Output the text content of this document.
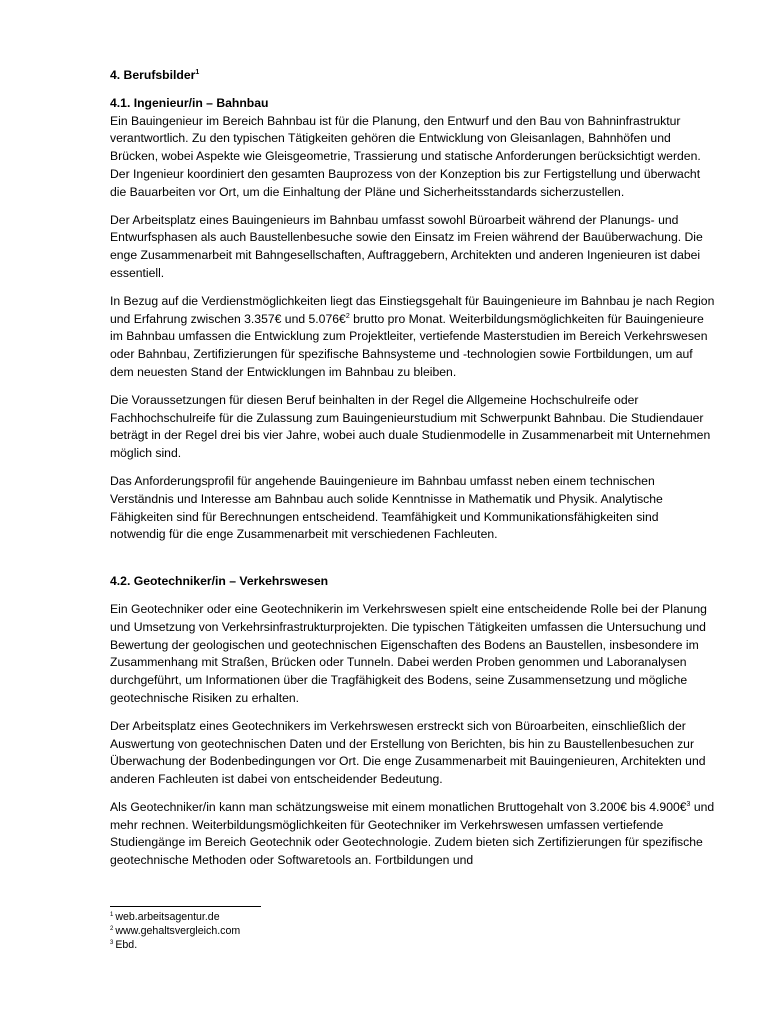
4. Berufsbilder$^1$
4.1. Ingenieur/in – Bahnbau

Ein Bauingenieur im Bereich Bahnbau ist für die Planung, den Entwurf und den Bau von Bahninfrastruktur verantwortlich. Zu den typischen Tätigkeiten gehören die Entwicklung von Gleisanlagen, Bahnhöfen und Brücken, wobei Aspekte wie Gleisgeometrie, Trassierung und statische Anforderungen berücksichtigt werden. Der Ingenieur koordiniert den gesamten Bauprozess von der Konzeption bis zur Fertigstellung und überwacht die Bauarbeiten vor Ort, um die Einhaltung der Pläne und Sicherheitsstandards sicherzustellen.

Der Arbeitsplatz eines Bauingenieurs im Bahnbau umfasst sowohl Büroarbeit während der Planungs- und Entwurfsphasen als auch Baustellenbesuche sowie den Einsatz im Freien während der Bauüberwachung. Die enge Zusammenarbeit mit Bahngesellschaften, Auftraggebern, Architekten und anderen Ingenieuren ist dabei essentiell.

In Bezug auf die Verdienstmöglichkeiten liegt das Einstiegsgehalt für Bauingenieure im Bahnbau je nach Region und Erfahrung zwischen 3.357€ und 5.076€$^2$ brutto pro Monat. Weiterbildungsmöglichkeiten für Bauingenieure im Bahnbau umfassen die Entwicklung zum Projektleiter, vertiefende Masterstudien im Bereich Verkehrswesen oder Bahnbau, Zertifizierungen für spezifische Bahnsysteme und -technologien sowie Fortbildungen, um auf dem neuesten Stand der Entwicklungen im Bahnbau zu bleiben.

Die Voraussetzungen für diesen Beruf beinhalten in der Regel die Allgemeine Hochschulreife oder Fachhochschulreife für die Zulassung zum Bauingenieurstudium mit Schwerpunkt Bahnbau. Die Studiendauer beträgt in der Regel drei bis vier Jahre, wobei auch duale Studienmodelle in Zusammenarbeit mit Unternehmen möglich sind.

Das Anforderungsprofil für angehende Bauingenieure im Bahnbau umfasst neben einem technischen Verständnis und Interesse am Bahnbau auch solide Kenntnisse in Mathematik und Physik. Analytische Fähigkeiten sind für Berechnungen entscheidend. Teamfähigkeit und Kommunikationsfähigkeiten sind notwendig für die enge Zusammenarbeit mit verschiedenen Fachleuten.

4.2. Geotechniker/in – Verkehrswesen

Ein Geotechniker oder eine Geotechnikerin im Verkehrswesen spielt eine entscheidende Rolle bei der Planung und Umsetzung von Verkehrsinfrastrukturprojekten. Die typischen Tätigkeiten umfassen die Untersuchung und Bewertung der geologischen und geotechnischen Eigenschaften des Bodens an Baustellen, insbesondere im Zusammenhang mit Straßen, Brücken oder Tunneln. Dabei werden Proben genommen und Laboranalysen durchgeführt, um Informationen über die Tragfähigkeit des Bodens, seine Zusammensetzung und mögliche geotechnische Risiken zu erhalten.

Der Arbeitsplatz eines Geotechnikers im Verkehrswesen erstreckt sich von Büroarbeiten, einschließlich der Auswertung von geotechnischen Daten und der Erstellung von Berichten, bis hin zu Baustellenbesuchen zur Überwachung der Bodenbedingungen vor Ort. Die enge Zusammenarbeit mit Bauingenieuren, Architekten und anderen Fachleuten ist dabei von entscheidender Bedeutung.

Als Geotechniker/in kann man schätzungsweise mit einem monatlichen Bruttogehalt von 3.200€ bis 4.900€$^3$ und mehr rechnen. Weiterbildungsmöglichkeiten für Geotechniker im Verkehrswesen umfassen vertiefende Studiengänge im Bereich Geotechnik oder Geotechnologie. Zudem bieten sich Zertifizierungen für spezifische geotechnische Methoden oder Softwaretools an. Fortbildungen und

$^1$ web.arbeitsagentur.de
$^2$ www.gehaltsvergleich.com
$^3$ Ebd.
